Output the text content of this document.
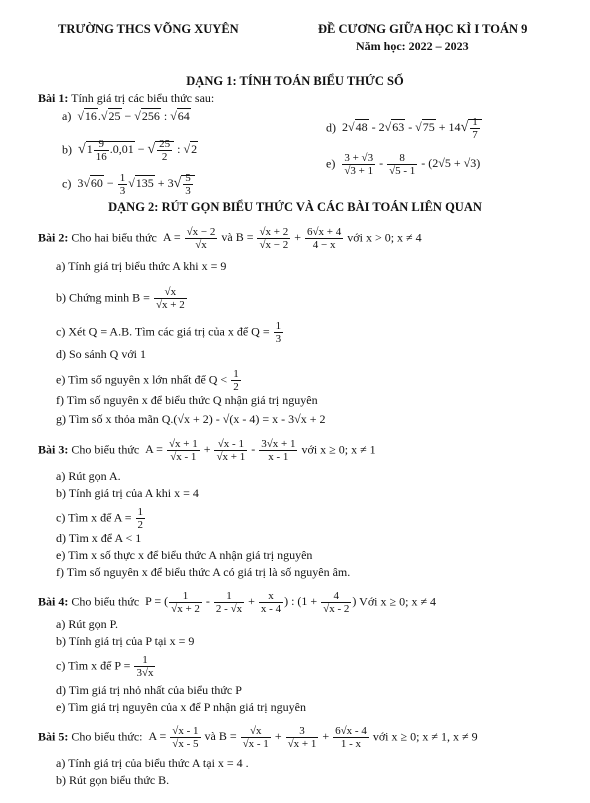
TRƯỜNG THCS VÕNG XUYÊN	ĐỀ CƯƠNG GIỮA HỌC KÌ I TOÁN 9
Năm học: 2022 – 2023
DẠNG 1: TÍNH TOÁN BIỂU THỨC SỐ
Bài 1: Tính giá trị các biểu thức sau:
a)  √16.√25 − √256 : √64
b) $√1 \frac{9}{16} .0,01$ − √ $\frac{25}{2}$ : √2
c)  $3√60 - \frac{1}{3} √135 + 3√ \frac{5}{3}$
d)  $2√48 - 2√63 - √75 + 14√ \frac{1}{7}$
$e) \frac{3 + √3}{√3 + 1} - \frac{8}{√5 - 1} - (2√5 + √3)$
DẠNG 2: RÚT GỌN BIỂU THỨC VÀ CÁC BÀI TOÁN LIÊN QUAN
Bài 2: Cho hai biểu thức  $A = \frac{√x - 2}{√x}$ và $B = \frac{√x + 2}{√x - 2} + \frac{6√x + 4}{4 - x}$ với x > 0; x ≠ 4
a) Tính giá trị biểu thức A khi x = 9
b) Chứng minh $B = \frac{√x}{√x + 2}$
c) Xét Q = A.B. Tìm các giá trị của x để $Q = \frac{1}{3}$
d) So sánh Q với 1
e) Tìm số nguyên x lớn nhất để $Q < \frac{1}{2}$
f) Tìm số nguyên x để biểu thức Q nhận giá trị nguyên
g) Tìm số x thỏa mãn Q.(√x + 2) - √(x - 4) = x - 3√x + 2
Bài 3: Cho biểu thức  $A = \frac{√x + 1}{√x - 1} + \frac{√x - 1}{√x + 1} - \frac{3√x + 1}{x - 1}$ với x ≥ 0; x ≠ 1
a) Rút gọn A.
b) Tính giá trị của A khi x = 4
c) Tìm x để $A = \frac{1}{2}$
d) Tìm x để A < 1
e) Tìm x số thực x để biểu thức A nhận giá trị nguyên
f) Tìm số nguyên x để biểu thức A có giá trị là số nguyên âm.
Bài 4: Cho biểu thức  P = ( $\frac{1}{√x + 2} - \frac{1}{2 - √x} + \frac{x}{x - 4}$ ) : ($1 + \frac{4}{√x - 2}$ ) Với x ≥ 0; x ≠ 4
a) Rút gọn P.
b) Tính giá trị của P tại x = 9
c) Tìm x để $P = \frac{1}{3√x}$
d) Tìm giá trị nhỏ nhất của biểu thức P
e) Tìm giá trị nguyên của x để P nhận giá trị nguyên
Bài 5: Cho biểu thức:  $A = \frac{√x - 1}{√x - 5}$ và $B = \frac{√x}{√x - 1} + \frac{3}{√x + 1} + \frac{6√x - 4}{1 - x}$ với x ≥ 0; x ≠ 1, x ≠ 9
a) Tính giá trị của biểu thức A tại x = 4 .
b) Rút gọn biểu thức B.
